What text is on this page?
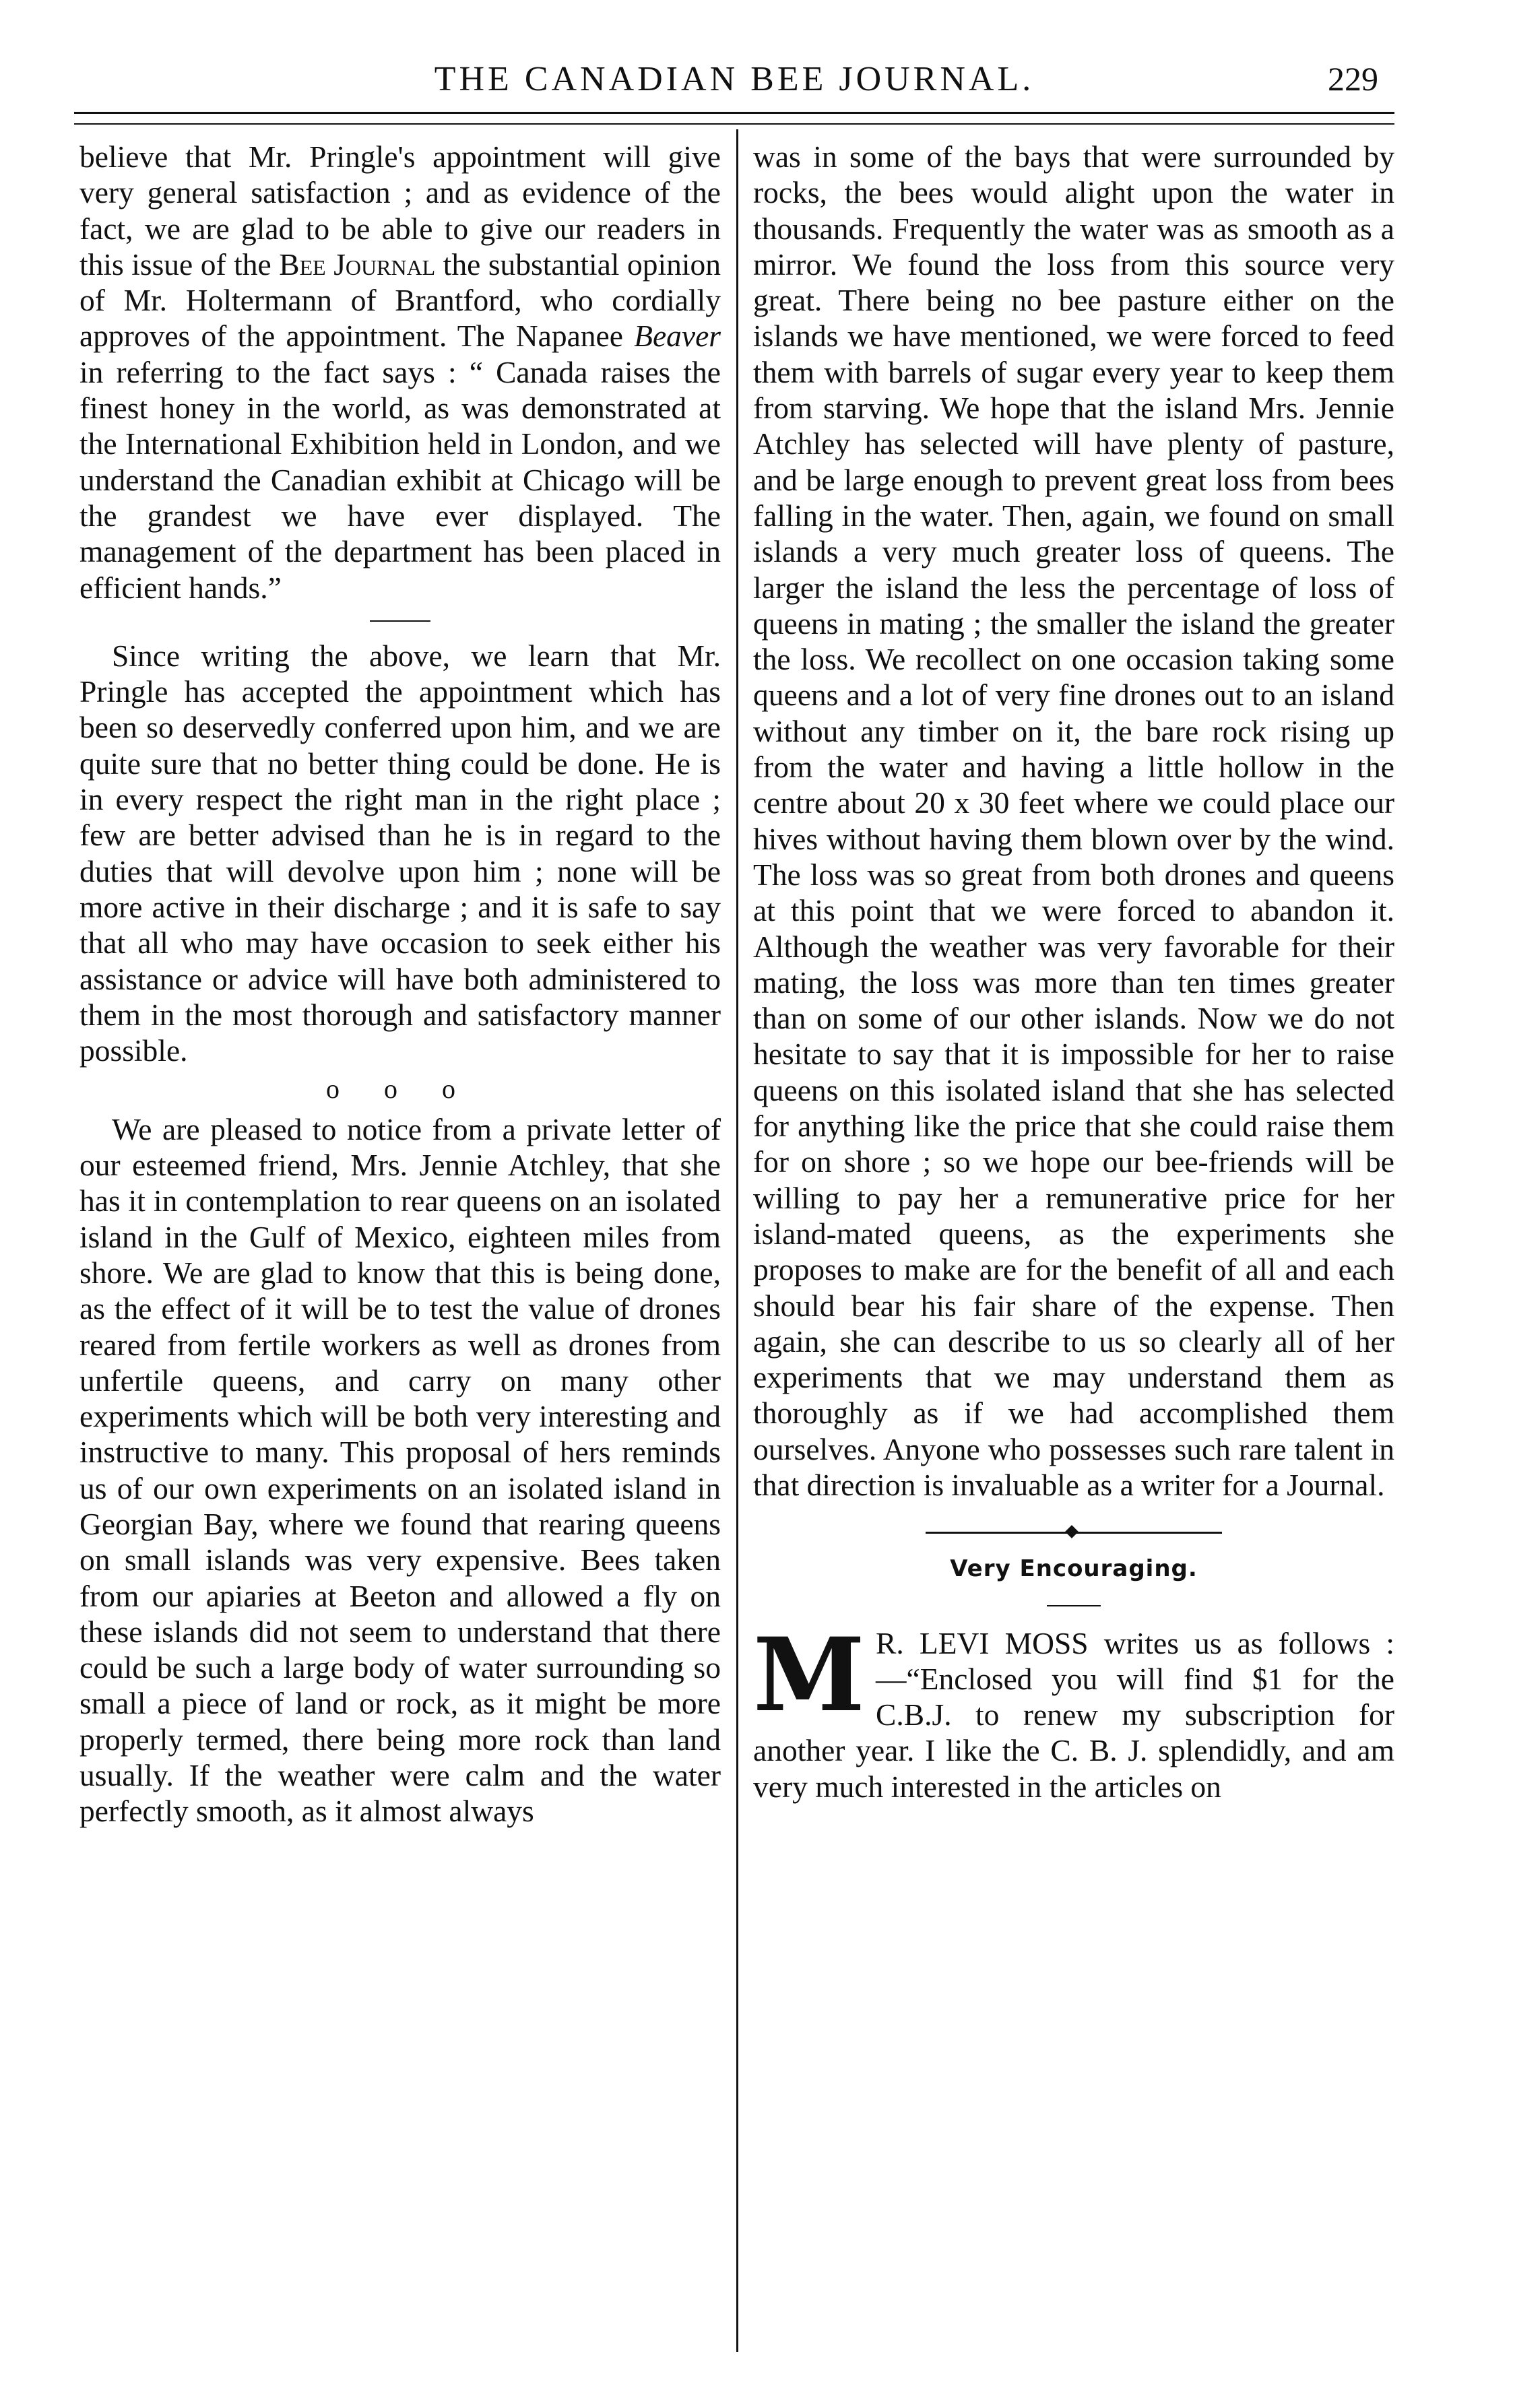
THE CANADIAN BEE JOURNAL.	229

believe that Mr. Pringle's appointment will give very general satisfaction ; and as evidence of the fact, we are glad to be able to give our readers in this issue of the Bee Journal the substantial opinion of Mr. Holtermann of Brantford, who cordially approves of the appointment. The Napanee Beaver in referring to the fact says : “ Canada raises the finest honey in the world, as was demonstrated at the International Exhibition held in London, and we understand the Canadian exhibit at Chicago will be the grandest we have ever displayed. The management of the department has been placed in efficient hands.”

Since writing the above, we learn that Mr. Pringle has accepted the appointment which has been so deservedly conferred upon him, and we are quite sure that no better thing could be done. He is in every respect the right man in the right place ; few are better advised than he is in regard to the duties that will devolve upon him ; none will be more active in their discharge ; and it is safe to say that all who may have occasion to seek either his assistance or advice will have both administered to them in the most thorough and satisfactory manner possible.

o o o

We are pleased to notice from a private letter of our esteemed friend, Mrs. Jennie Atchley, that she has it in contemplation to rear queens on an isolated island in the Gulf of Mexico, eighteen miles from shore. We are glad to know that this is being done, as the effect of it will be to test the value of drones reared from fertile workers as well as drones from unfertile queens, and carry on many other experiments which will be both very interesting and instructive to many. This proposal of hers reminds us of our own experiments on an isolated island in Georgian Bay, where we found that rearing queens on small islands was very expensive. Bees taken from our apiaries at Beeton and allowed a fly on these islands did not seem to understand that there could be such a large body of water surrounding so small a piece of land or rock, as it might be more properly termed, there being more rock than land usually. If the weather were calm and the water perfectly smooth, as it almost always

was in some of the bays that were surrounded by rocks, the bees would alight upon the water in thousands. Frequently the water was as smooth as a mirror. We found the loss from this source very great. There being no bee pasture either on the islands we have mentioned, we were forced to feed them with barrels of sugar every year to keep them from starving. We hope that the island Mrs. Jennie Atchley has selected will have plenty of pasture, and be large enough to prevent great loss from bees falling in the water. Then, again, we found on small islands a very much greater loss of queens. The larger the island the less the percentage of loss of queens in mating ; the smaller the island the greater the loss. We recollect on one occasion taking some queens and a lot of very fine drones out to an island without any timber on it, the bare rock rising up from the water and having a little hollow in the centre about 20 x 30 feet where we could place our hives without having them blown over by the wind. The loss was so great from both drones and queens at this point that we were forced to abandon it. Although the weather was very favorable for their mating, the loss was more than ten times greater than on some of our other islands. Now we do not hesitate to say that it is impossible for her to raise queens on this isolated island that she has selected for anything like the price that she could raise them for on shore ; so we hope our bee-friends will be willing to pay her a remunerative price for her island-mated queens, as the experiments she proposes to make are for the benefit of all and each should bear his fair share of the expense. Then again, she can describe to us so clearly all of her experiments that we may understand them as thoroughly as if we had accomplished them ourselves. Anyone who possesses such rare talent in that direction is invaluable as a writer for a Journal.

Very Encouraging.

M R. LEVI MOSS writes us as follows :—“Enclosed you will find $1 for the C.B.J. to renew my subscription for another year. I like the C. B. J. splendidly, and am very much interested in the articles on
